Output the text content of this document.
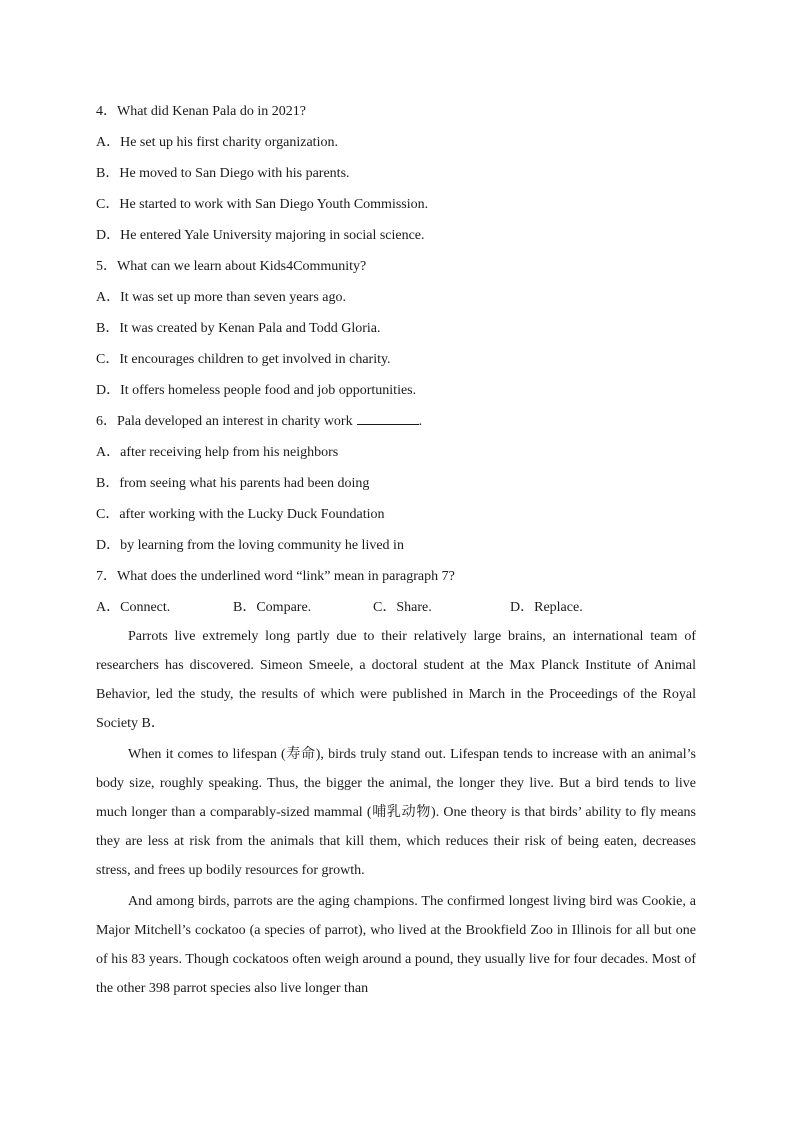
4．What did Kenan Pala do in 2021?
A．He set up his first charity organization.
B．He moved to San Diego with his parents.
C．He started to work with San Diego Youth Commission.
D．He entered Yale University majoring in social science.
5．What can we learn about Kids4Community?
A．It was set up more than seven years ago.
B．It was created by Kenan Pala and Todd Gloria.
C．It encourages children to get involved in charity.
D．It offers homeless people food and job opportunities.
6．Pala developed an interest in charity work	.
A．after receiving help from his neighbors
B．from seeing what his parents had been doing
C．after working with the Lucky Duck Foundation
D．by learning from the loving community he lived in
7．What does the underlined word “link” mean in paragraph 7?
A．Connect.	B．Compare.	C．Share.	D．Replace.

Parrots live extremely long partly due to their relatively large brains, an international team of researchers has discovered. Simeon Smeele, a doctoral student at the Max Planck Institute of Animal Behavior, led the study, the results of which were published in March in the Proceedings of the Royal Society B．

When it comes to lifespan (寿命), birds truly stand out. Lifespan tends to increase with an animal’s body size, roughly speaking. Thus, the bigger the animal, the longer they live. But a bird tends to live much longer than a comparably-sized mammal (哺乳动物). One theory is that birds’ ability to fly means they are less at risk from the animals that kill them, which reduces their risk of being eaten, decreases stress, and frees up bodily resources for growth.

And among birds, parrots are the aging champions. The confirmed longest living bird was Cookie, a Major Mitchell’s cockatoo (a species of parrot), who lived at the Brookfield Zoo in Illinois for all but one of his 83 years. Though cockatoos often weigh around a pound, they usually live for four decades. Most of the other 398 parrot species also live longer than
